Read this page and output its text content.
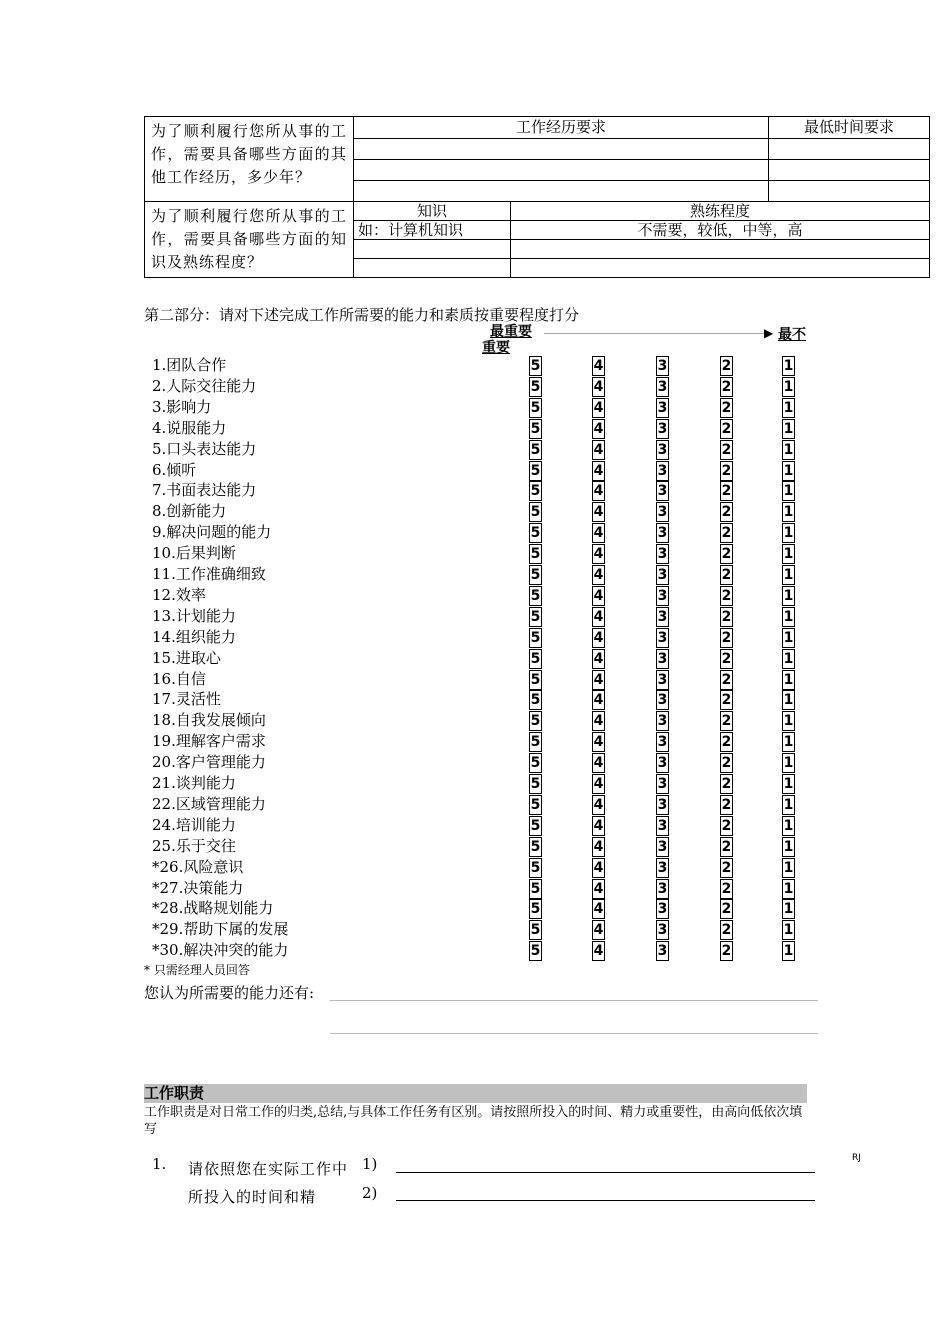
为了顺利履行您所从事的工作，需要具备哪些方面的其他工作经历，多少年？	工作经历要求		最低时间要求

为了顺利履行您所从事的工作，需要具备哪些方面的知识及熟练程度？	知识	熟练程度	
	如：计算机知识	不需要，较低，中等，高	

第二部分：请对下述完成工作所需要的能力和素质按重要程度打分
最重要
重要
▶ 最不
1.团队合作	5	4	3	2	1
2.人际交往能力	5	4	3	2	1
3.影响力	5	4	3	2	1
4.说服能力	5	4	3	2	1
5.口头表达能力	5	4	3	2	1
6.倾听	5	4	3	2	1
7.书面表达能力	5	4	3	2	1
8.创新能力	5	4	3	2	1
9.解决问题的能力	5	4	3	2	1
10.后果判断	5	4	3	2	1
11.工作准确细致	5	4	3	2	1
12.效率	5	4	3	2	1
13.计划能力	5	4	3	2	1
14.组织能力	5	4	3	2	1
15.进取心	5	4	3	2	1
16.自信	5	4	3	2	1
17.灵活性	5	4	3	2	1
18.自我发展倾向	5	4	3	2	1
19.理解客户需求	5	4	3	2	1
20.客户管理能力	5	4	3	2	1
21.谈判能力	5	4	3	2	1
22.区域管理能力	5	4	3	2	1
24.培训能力	5	4	3	2	1
25.乐于交往	5	4	3	2	1
*26.风险意识	5	4	3	2	1
*27.决策能力	5	4	3	2	1
*28.战略规划能力	5	4	3	2	1
*29.帮助下属的发展	5	4	3	2	1
*30.解决冲突的能力	5	4	3	2	1
* 只需经理人员回答
您认为所需要的能力还有:
工作职责
工作职责是对日常工作的归类,总结,与具体工作任务有区别。请按照所投入的时间、精力或重要性，由高向低依次填写
1. 请依照您在实际工作中所投入的时间和精
1)
2)
RJ
